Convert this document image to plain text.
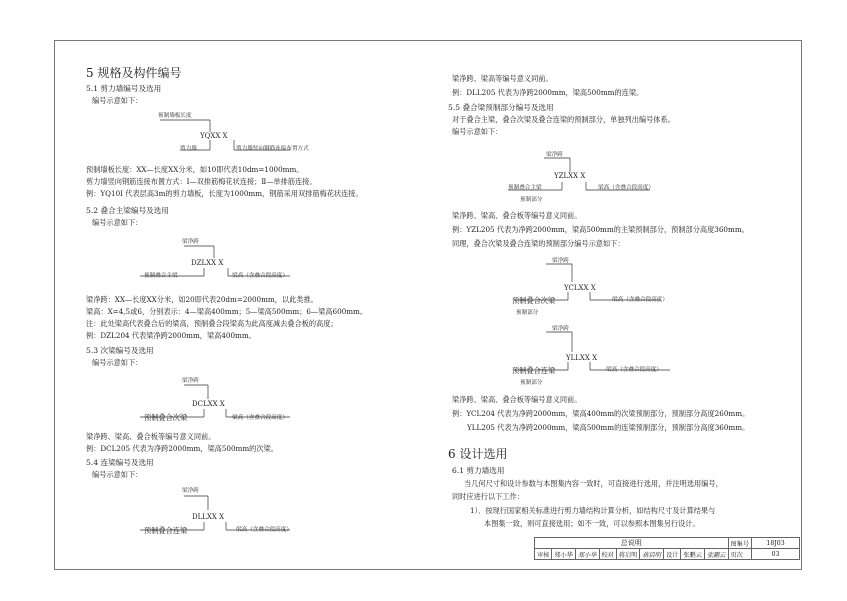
5 规格及构件编号
5.1 剪力墙编号及选用
编号示意如下：
预制墙板长度
YQXX X
剪力墙	剪力墙竖向钢筋连接布置方式
预制墙板长度：XX—长度XX分米，如10即代表10dm=1000mm。
剪力墙竖向钢筋连接布置方式：Ⅰ—双排筋梅花状连接；Ⅱ—单排筋连接。
例：YQ10Ⅰ 代表层高3m的剪力墙板，长度为1000mm，钢筋采用双排筋梅花状连接。
5.2 叠合主梁编号及选用
编号示意如下：
梁净跨
DZLXX X
预制叠合主梁	梁高（含叠合段高度）
梁净跨：XX—长度XX分米，如20即代表20dm=2000mm，以此类推。
梁高：X=4,5或6，分别表示：4—梁高400mm；5—梁高500mm；6—梁高600mm。
注：此处梁高代表叠合后的梁高，预制叠合段梁高为此高度减去叠合板的高度；
例：DZL204 代表梁净跨2000mm，梁高400mm。
5.3 次梁编号及选用
编号示意如下：
梁净跨
DCLXX X
预制叠合次梁	梁高（含叠合段高度）
梁净跨、梁高、叠合板等编号意义同前。
例：DCL205 代表为净跨2000mm，梁高500mm的次梁。
5.4 连梁编号及选用
编号示意如下：
梁净跨
DLLXX X
预制叠合连梁	梁高（含叠合段高度）
梁净跨、梁高等编号意义同前。
例：DLL205 代表为净跨2000mm，梁高500mm的连梁。
5.5 叠合梁预制部分编号及选用
对于叠合主梁，叠合次梁及叠合连梁的预制部分，单独列出编号体系。
编号示意如下：
梁净跨
YZLXX X
预制叠合主梁
预制部分
梁高（含叠合段高度）
梁净跨、梁高、叠合板等编号意义同前。
例：YZL205 代表为净跨2000mm，梁高500mm的主梁预制部分，预制部分高度360mm。
同理，叠合次梁及叠合连梁的预制部分编号示意如下：
梁净跨
YCLXX X
预制叠合次梁
预制部分
梁高（含叠合段高度）
梁净跨
YLLXX X
预制叠合连梁
预制部分
梁高（含叠合段高度）
梁净跨、梁高、叠合板等编号意义同前。
例：YCL204 代表为净跨2000mm，梁高400mm的次梁预制部分，预制部分高度260mm。
YLL205 代表为净跨2000mm，梁高500mm的连梁预制部分，预制部分高度360mm。
6 设计选用
6.1 剪力墙选用
当几何尺寸和设计参数与本图集内容一致时，可直接进行选用，并注明选用编号，
同时应进行以下工作：
1）．按现行国家相关标准进行剪力墙结构计算分析，如结构尺寸及计算结果与
本图集一致，则可直接选用；如不一致，可以参照本图集另行设计。
总说明									图集号	18J03
审核	郑小华	郑小华	校对	蒋启明	蒋启明	设计	张鹏云	张鹏云	页次	03
